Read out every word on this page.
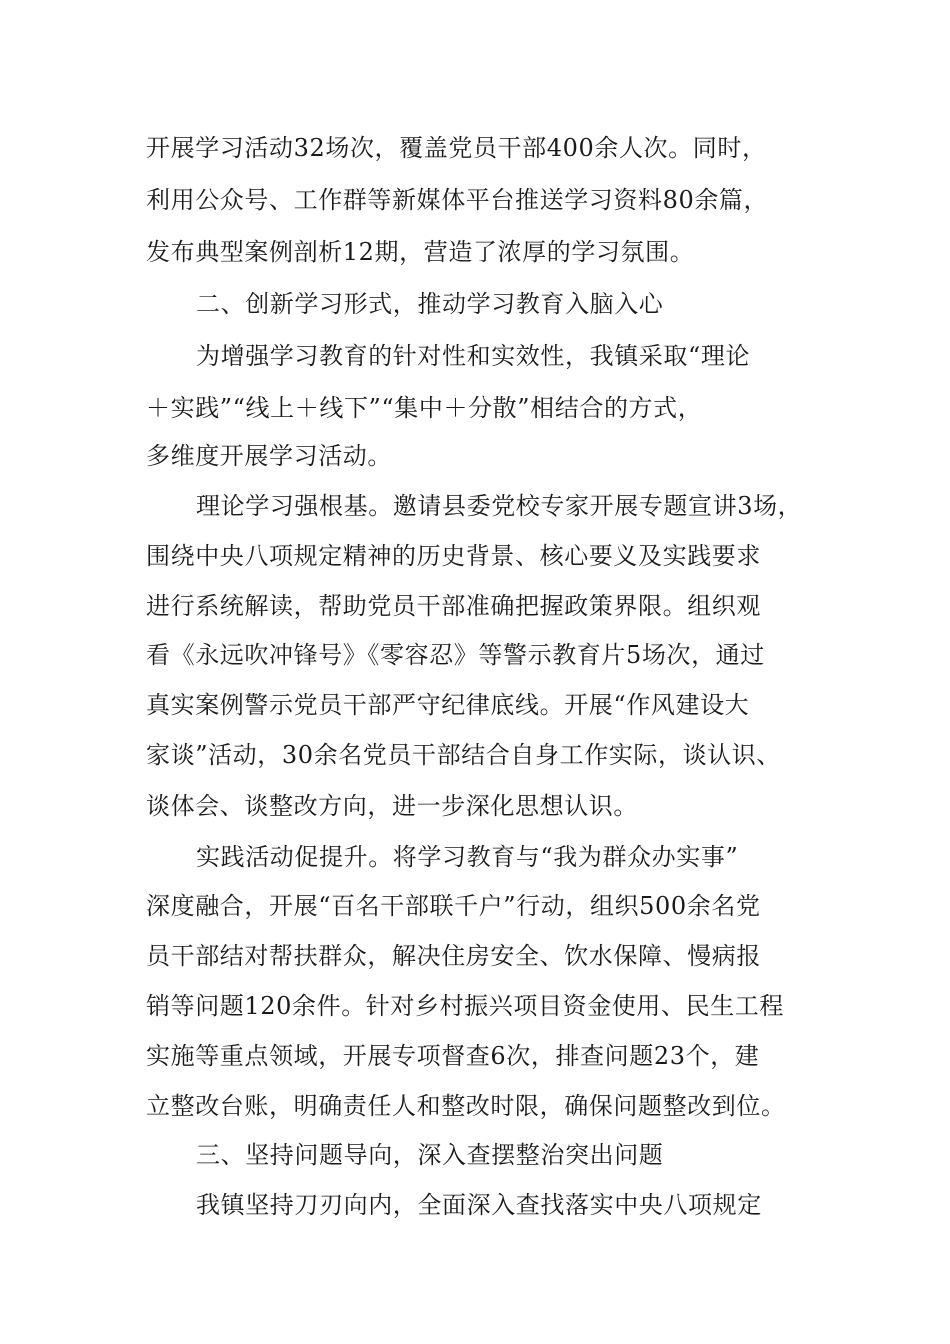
开展学习活动32场次，覆盖党员干部400余人次。同时，

利用公众号、工作群等新媒体平台推送学习资料80余篇，

发布典型案例剖析12期，营造了浓厚的学习氛围。

二、创新学习形式，推动学习教育入脑入心

为增强学习教育的针对性和实效性，我镇采取“理论

＋实践”“线上＋线下”“集中＋分散”相结合的方式，

多维度开展学习活动。

理论学习强根基。邀请县委党校专家开展专题宣讲3场，

围绕中央八项规定精神的历史背景、核心要义及实践要求

进行系统解读，帮助党员干部准确把握政策界限。组织观

看《永远吹冲锋号》《零容忍》等警示教育片5场次，通过

真实案例警示党员干部严守纪律底线。开展“作风建设大

家谈”活动，30余名党员干部结合自身工作实际，谈认识、

谈体会、谈整改方向，进一步深化思想认识。

实践活动促提升。将学习教育与“我为群众办实事”

深度融合，开展“百名干部联千户”行动，组织500余名党

员干部结对帮扶群众，解决住房安全、饮水保障、慢病报

销等问题120余件。针对乡村振兴项目资金使用、民生工程

实施等重点领域，开展专项督查6次，排查问题23个，建

立整改台账，明确责任人和整改时限，确保问题整改到位。

三、坚持问题导向，深入查摆整治突出问题

我镇坚持刀刃向内，全面深入查找落实中央八项规定
